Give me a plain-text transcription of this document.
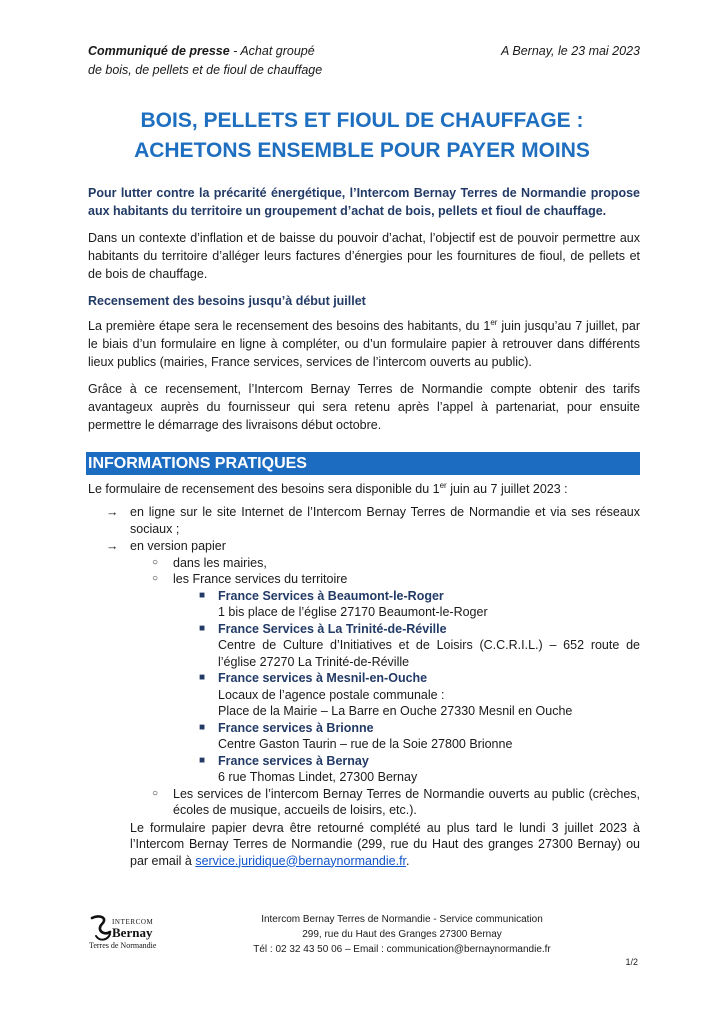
Communiqué de presse - Achat groupé
de bois, de pellets et de fioul de chauffage
A Bernay, le 23 mai 2023
BOIS, PELLETS ET FIOUL DE CHAUFFAGE :
ACHETONS ENSEMBLE POUR PAYER MOINS

Pour lutter contre la précarité énergétique, l’Intercom Bernay Terres de Normandie propose aux habitants du territoire un groupement d’achat de bois, pellets et fioul de chauffage.

Dans un contexte d’inflation et de baisse du pouvoir d’achat, l’objectif est de pouvoir permettre aux habitants du territoire d’alléger leurs factures d’énergies pour les fournitures de fioul, de pellets et de bois de chauffage.

Recensement des besoins jusqu’à début juillet

La première étape sera le recensement des besoins des habitants, du 1er juin jusqu’au 7 juillet, par le biais d’un formulaire en ligne à compléter, ou d’un formulaire papier à retrouver dans différents lieux publics (mairies, France services, services de l’intercom ouverts au public).

Grâce à ce recensement, l’Intercom Bernay Terres de Normandie compte obtenir des tarifs avantageux auprès du fournisseur qui sera retenu après l’appel à partenariat, pour ensuite permettre le démarrage des livraisons début octobre.

INFORMATIONS PRATIQUES

Le formulaire de recensement des besoins sera disponible du 1er juin au 7 juillet 2023 :

→ en ligne sur le site Internet de l’Intercom Bernay Terres de Normandie et via ses réseaux sociaux ;
→ en version papier
○ dans les mairies,
○ les France services du territoire
■ France Services à Beaumont-le-Roger
1 bis place de l’église 27170 Beaumont-le-Roger
■ France Services à La Trinité-de-Réville
Centre de Culture d’Initiatives et de Loisirs (C.C.R.I.L.) – 652 route de l’église 27270 La Trinité-de-Réville
■ France services à Mesnil-en-Ouche
Locaux de l’agence postale communale :
Place de la Mairie – La Barre en Ouche 27330 Mesnil en Ouche
■ France services à Brionne
Centre Gaston Taurin – rue de la Soie 27800 Brionne
■ France services à Bernay
6 rue Thomas Lindet, 27300 Bernay
○ Les services de l’intercom Bernay Terres de Normandie ouverts au public (crèches, écoles de musique, accueils de loisirs, etc.).
Le formulaire papier devra être retourné complété au plus tard le lundi 3 juillet 2023 à l’Intercom Bernay Terres de Normandie (299, rue du Haut des granges 27300 Bernay) ou par email à service.juridique@bernaynormandie.fr.
INTERCOM
Bernay
Terres de Normandie
Intercom Bernay Terres de Normandie - Service communication
299, rue du Haut des Granges 27300 Bernay
Tél : 02 32 43 50 06 – Email : communication@bernaynormandie.fr
1/2
